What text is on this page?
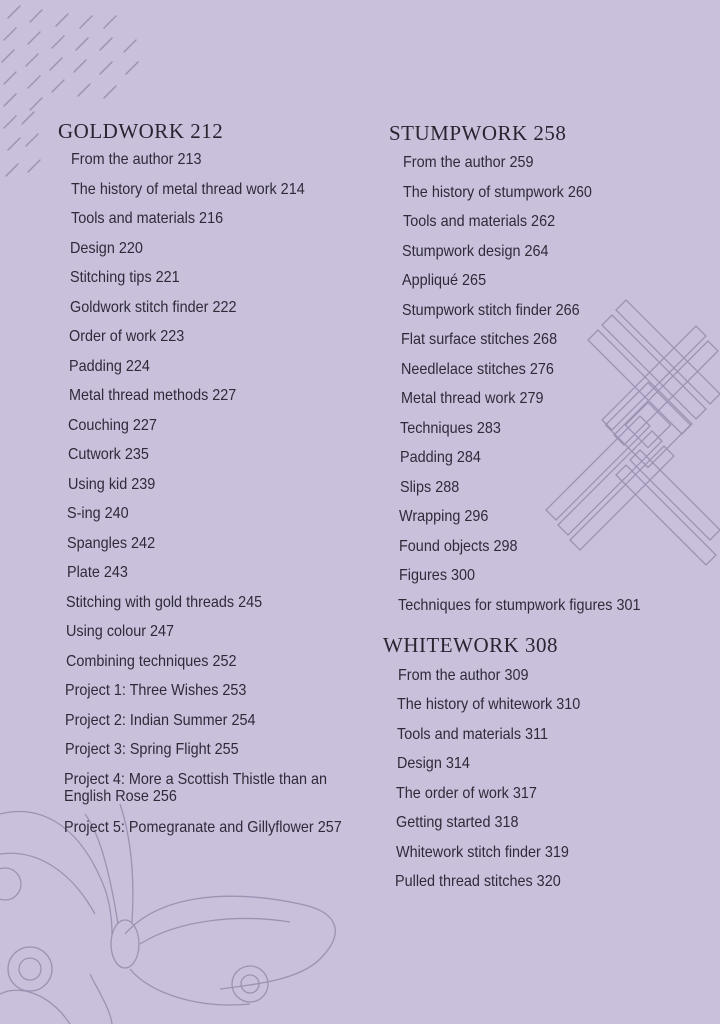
GOLDWORK 212
From the author 213
The history of metal thread work 214
Tools and materials 216
Design 220
Stitching tips 221
Goldwork stitch finder 222
Order of work 223
Padding 224
Metal thread methods 227
Couching 227
Cutwork 235
Using kid 239
S-ing 240
Spangles 242
Plate 243
Stitching with gold threads 245
Using colour 247
Combining techniques 252
Project 1: Three Wishes 253
Project 2: Indian Summer 254
Project 3: Spring Flight 255
Project 4: More a Scottish Thistle than an English Rose 256
Project 5: Pomegranate and Gillyflower 257
STUMPWORK 258
From the author 259
The history of stumpwork 260
Tools and materials 262
Stumpwork design 264
Appliqué 265
Stumpwork stitch finder 266
Flat surface stitches 268
Needlelace stitches 276
Metal thread work 279
Techniques 283
Padding 284
Slips 288
Wrapping 296
Found objects 298
Figures 300
Techniques for stumpwork figures 301
WHITEWORK 308
From the author 309
The history of whitework 310
Tools and materials 311
Design 314
The order of work 317
Getting started 318
Whitework stitch finder 319
Pulled thread stitches 320
